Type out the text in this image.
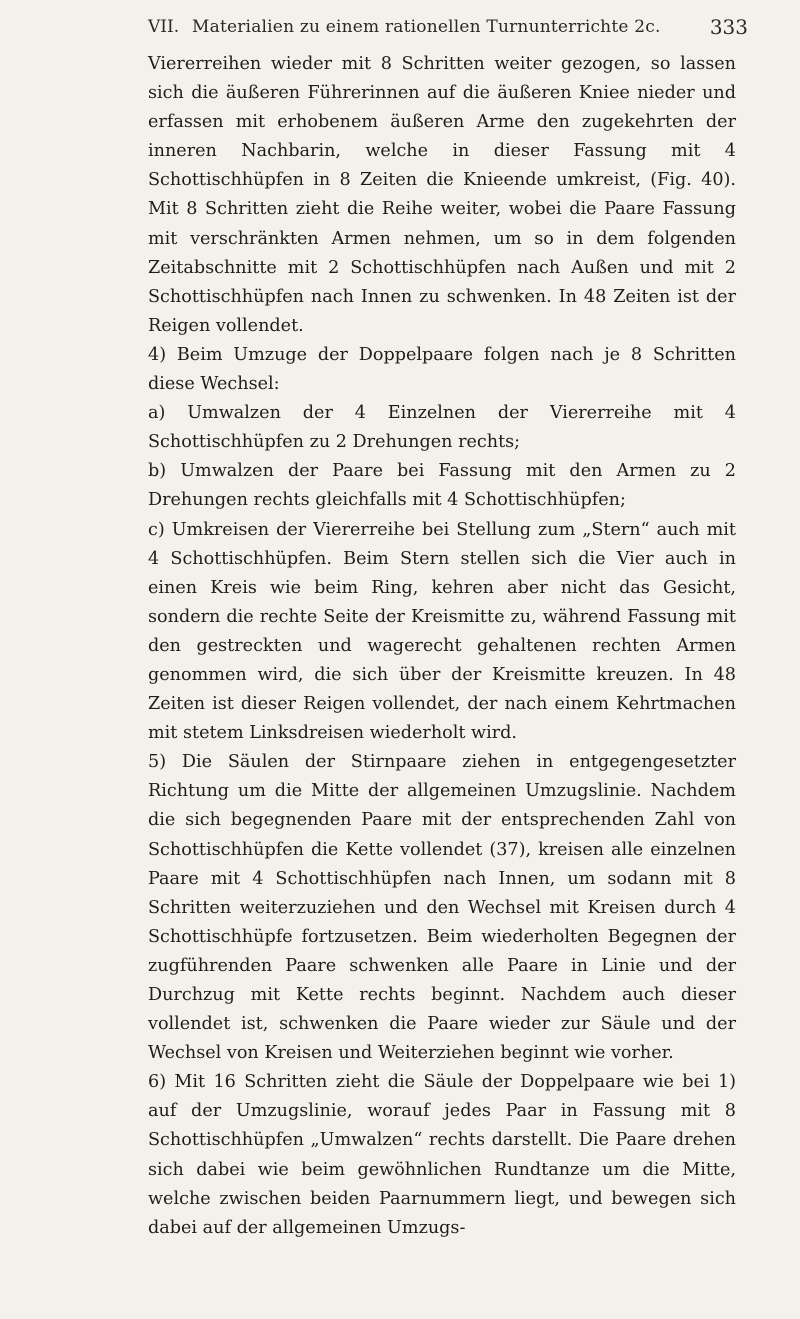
VII. Materialien zu einem rationellen Turnunterrichte 2c. 333

Viererreihen wieder mit 8 Schritten weiter gezogen, so lassen sich die äußeren Führerinnen auf die äußeren Kniee nieder und erfassen mit erhobenem äußeren Arme den zugekehrten der inneren Nachbarin, welche in dieser Fassung mit 4 Schottischhüpfen in 8 Zeiten die Knieende umkreist, (Fig. 40). Mit 8 Schritten zieht die Reihe weiter, wobei die Paare Fassung mit verschränkten Armen nehmen, um so in dem folgenden Zeitabschnitte mit 2 Schottischhüpfen nach Außen und mit 2 Schottischhüpfen nach Innen zu schwenken. In 48 Zeiten ist der Reigen vollendet.

4) Beim Umzuge der Doppelpaare folgen nach je 8 Schritten diese Wechsel:

a) Umwalzen der 4 Einzelnen der Viererreihe mit 4 Schottischhüpfen zu 2 Drehungen rechts;

b) Umwalzen der Paare bei Fassung mit den Armen zu 2 Drehungen rechts gleichfalls mit 4 Schottischhüpfen;

c) Umkreisen der Viererreihe bei Stellung zum „Stern“ auch mit 4 Schottischhüpfen. Beim Stern stellen sich die Vier auch in einen Kreis wie beim Ring, kehren aber nicht das Gesicht, sondern die rechte Seite der Kreismitte zu, während Fassung mit den gestreckten und wagerecht gehaltenen rechten Armen genommen wird, die sich über der Kreismitte kreuzen. In 48 Zeiten ist dieser Reigen vollendet, der nach einem Kehrtmachen mit stetem Linksdreisen wiederholt wird.

5) Die Säulen der Stirnpaare ziehen in entgegengesetzter Richtung um die Mitte der allgemeinen Umzugslinie. Nachdem die sich begegnenden Paare mit der entsprechenden Zahl von Schottischhüpfen die Kette vollendet (37), kreisen alle einzelnen Paare mit 4 Schottischhüpfen nach Innen, um sodann mit 8 Schritten weiterzuziehen und den Wechsel mit Kreisen durch 4 Schottischhüpfe fortzusetzen. Beim wiederholten Begegnen der zugführenden Paare schwenken alle Paare in Linie und der Durchzug mit Kette rechts beginnt. Nachdem auch dieser vollendet ist, schwenken die Paare wieder zur Säule und der Wechsel von Kreisen und Weiterziehen beginnt wie vorher.

6) Mit 16 Schritten zieht die Säule der Doppelpaare wie bei 1) auf der Umzugslinie, worauf jedes Paar in Fassung mit 8 Schottischhüpfen „Umwalzen“ rechts darstellt. Die Paare drehen sich dabei wie beim gewöhnlichen Rundtanze um die Mitte, welche zwischen beiden Paarnummern liegt, und bewegen sich dabei auf der allgemeinen Umzugs-
